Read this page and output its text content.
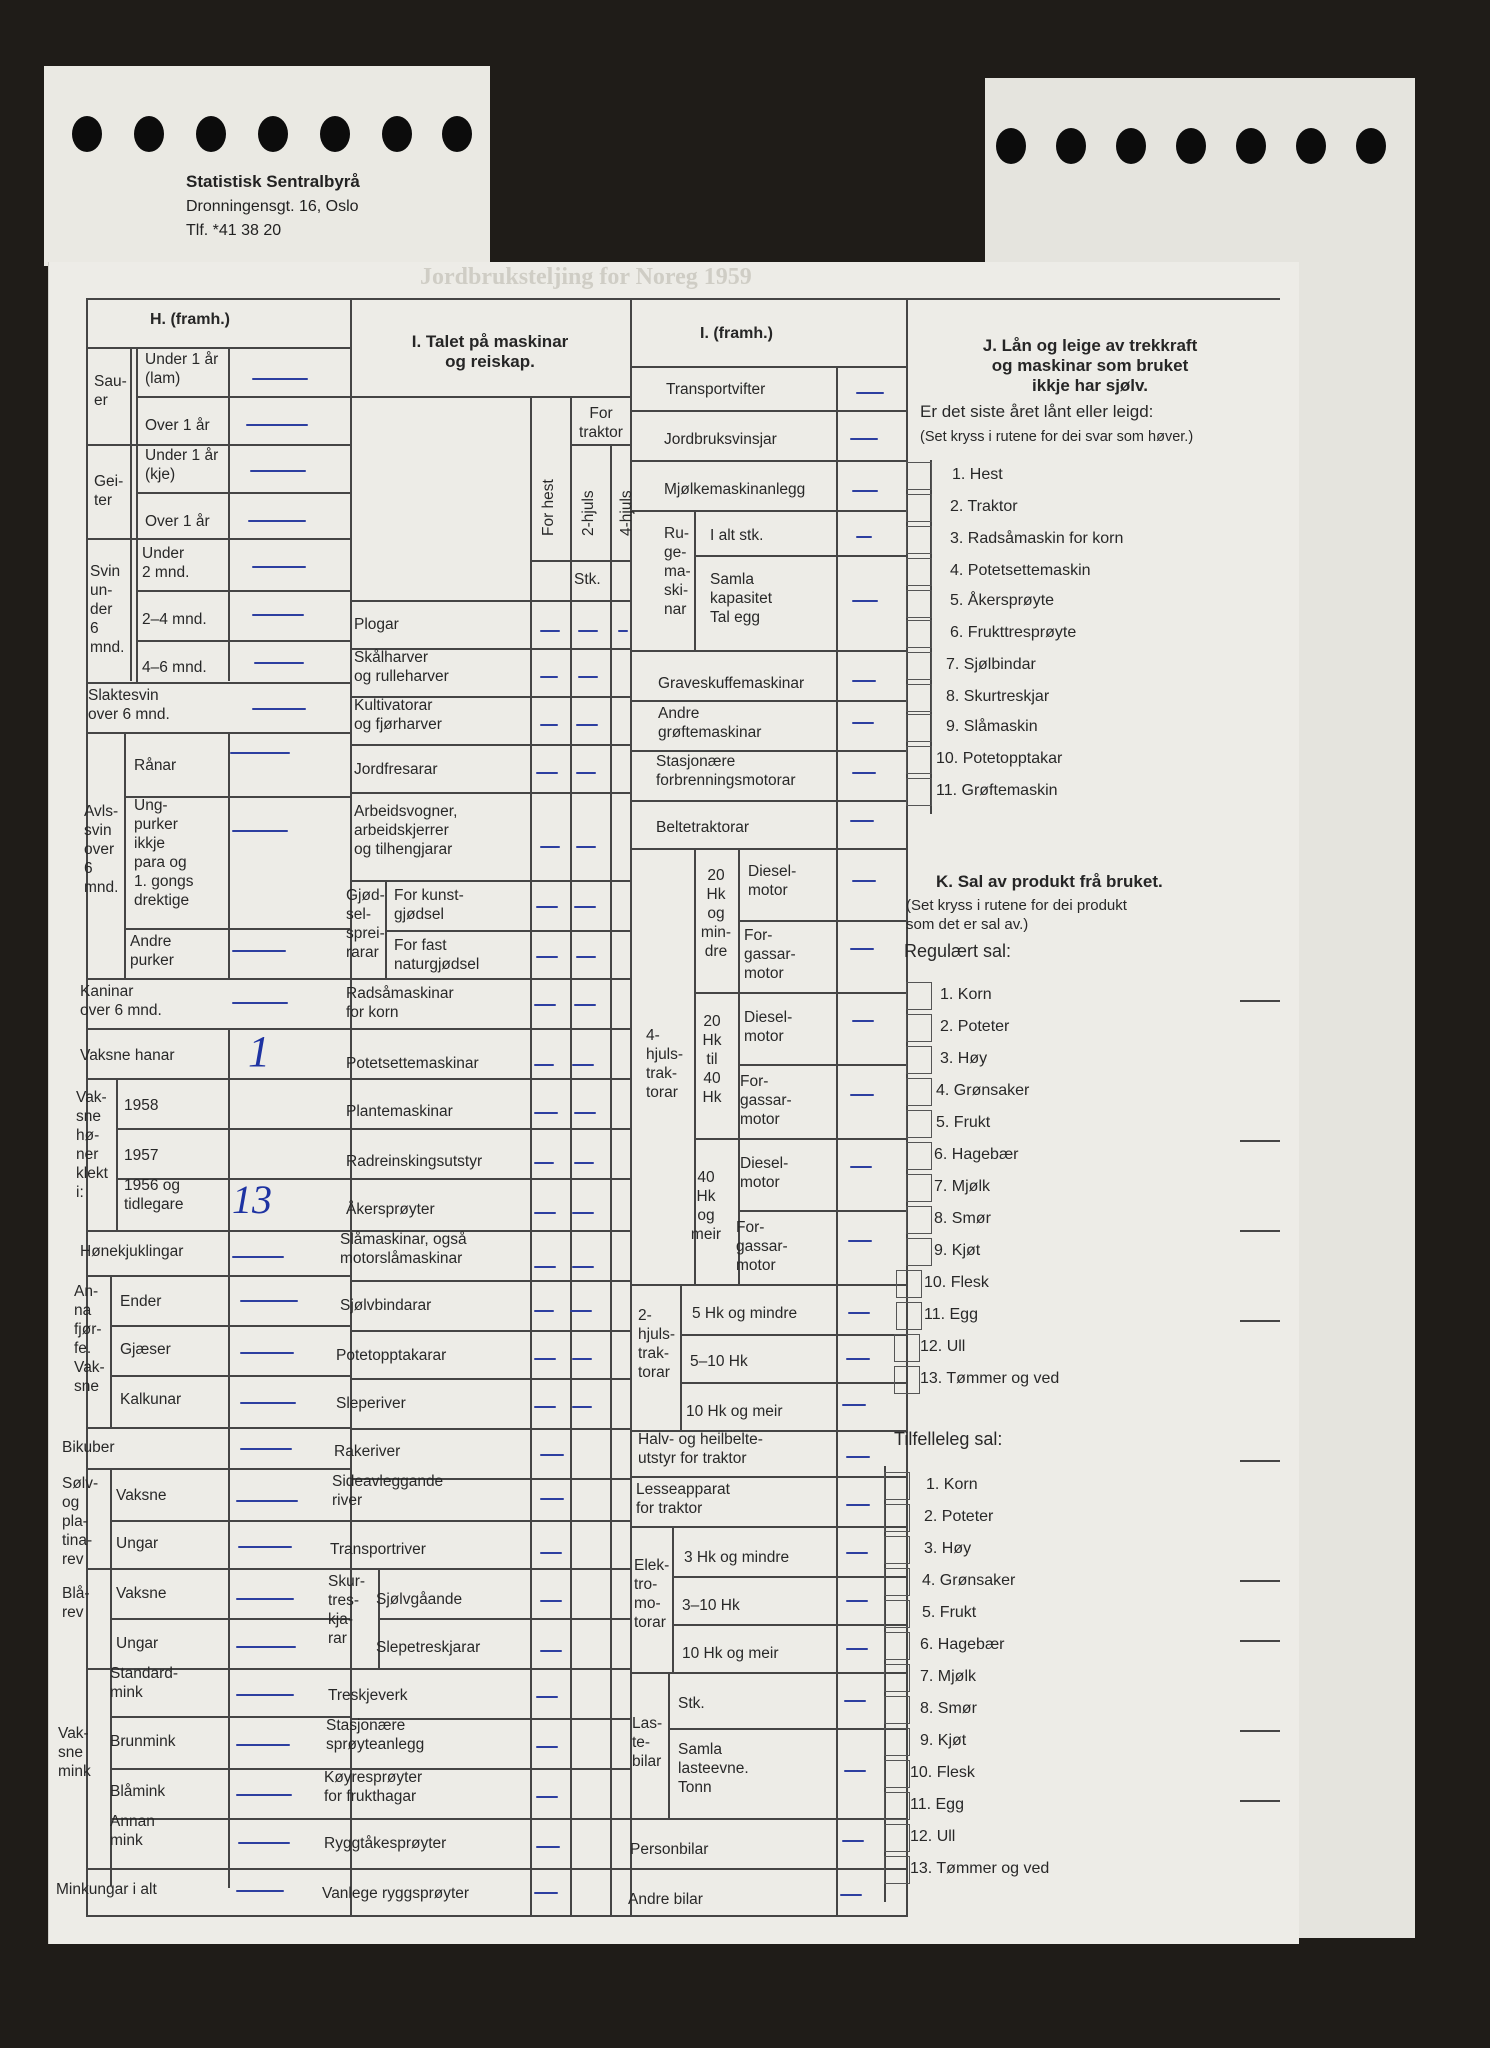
Statistisk Sentralbyrå
Dronningensgt. 16, Oslo
Tlf. *41 38 20
Jordbruksteljing for Noreg 1959
H. (framh.)
Sau-
er
Under 1 år
(lam)
Over 1 år
Gei-
ter
Under 1 år
(kje)
Over 1 år
Svin
un-
der
6
mnd.
Under
2 mnd.
2–4 mnd.
4–6 mnd.
Slaktesvin
over 6 mnd.
Avls-
svin
over
6
mnd.
Rånar
Ung-
purker
ikkje
para og
1. gongs
drektige
Andre
purker
Kaninar
over 6 mnd.
Vaksne hanar
Vak-
sne
hø-
ner
klekt
i:
1958
1957
1956 og
tidlegare
Hønekjuklingar
An-
na
fjør-
fe.
Vak-
sne
Ender
Gjæser
Kalkunar
Bikuber
Sølv-
og
pla-
tina-
rev
Vaksne
Ungar
Blå-
rev
Vaksne
Ungar
Vak-
sne
mink
Standard-
mink
Brunmink
Blåmink
Annan
mink
Minkungar i alt
1
13
I. Talet på maskinar
og reiskap.
For
traktor
For hest 2-hjuls 4-hjuls
Stk.
Plogar
Skålharver
og rulleharver
Kultivatorar
og fjørharver
Jordfresarar
Arbeidsvogner,
arbeidskjerrer
og tilhengjarar
Gjød-
sel-
sprei-
rarar
For kunst-
gjødsel
For fast
naturgjødsel
Radsåmaskinar
for korn
Potetsettemaskinar
Plantemaskinar
Radreinskingsutstyr
Åkersprøyter
Slåmaskinar, også
motorslåmaskinar
Sjølvbindarar
Potetopptakarar
Sleperiver
Rakeriver
Sideavleggande
river
Transportriver
Skur-
tres-
kja-
rar
Sjølvgåande
Slepetreskjarar
Treskjeverk
Stasjonære
sprøyteanlegg
Køyresprøyter
for frukthagar
Ryggtåkesprøyter
Vanlege ryggsprøyter
I. (framh.)
Transportvifter
Jordbruksvinsjar
Mjølkemaskinanlegg
Ru-
ge-
ma-
ski-
nar
I alt stk.
Samla
kapasitet
Tal egg
Graveskuffemaskinar
Andre
grøftemaskinar
Stasjonære
forbrenningsmotorar
Beltetraktorar
4-
hjuls-
trak-
torar
20
Hk
og
min-
dre
20
Hk
til
40
Hk
40
Hk
og
meir
Diesel-
motor
For-
gassar-
motor
Diesel-
motor
For-
gassar-
motor
Diesel-
motor
For-
gassar-
motor
2-
hjuls-
trak-
torar
5 Hk og mindre
5–10 Hk
10 Hk og meir
Halv- og heilbelte-
utstyr for traktor
Lesseapparat
for traktor
Elek-
tro-
mo-
torar
3 Hk og mindre
3–10 Hk
10 Hk og meir
Las-
te-
bilar
Stk.
Samla
lasteevne.
Tonn
Personbilar
Andre bilar
J. Lån og leige av trekkraft
og maskinar som bruket
ikkje har sjølv.
Er det siste året lånt eller leigd:
(Set kryss i rutene for dei svar som høver.)
1. Hest
2. Traktor
3. Radsåmaskin for korn
4. Potetsettemaskin
5. Åkersprøyte
6. Frukttresprøyte
7. Sjølbindar
8. Skurtreskjar
9. Slåmaskin
10. Potetopptakar
11. Grøftemaskin
K. Sal av produkt frå bruket.
(Set kryss i rutene for dei produkt
som det er sal av.)
Regulært sal:
1. Korn
2. Poteter
3. Høy
4. Grønsaker
5. Frukt
6. Hagebær
7. Mjølk
8. Smør
9. Kjøt
10. Flesk
11. Egg
12. Ull
13. Tømmer og ved
Tilfelleleg sal:
1. Korn
2. Poteter
3. Høy
4. Grønsaker
5. Frukt
6. Hagebær
7. Mjølk
8. Smør
9. Kjøt
10. Flesk
11. Egg
12. Ull
13. Tømmer og ved
